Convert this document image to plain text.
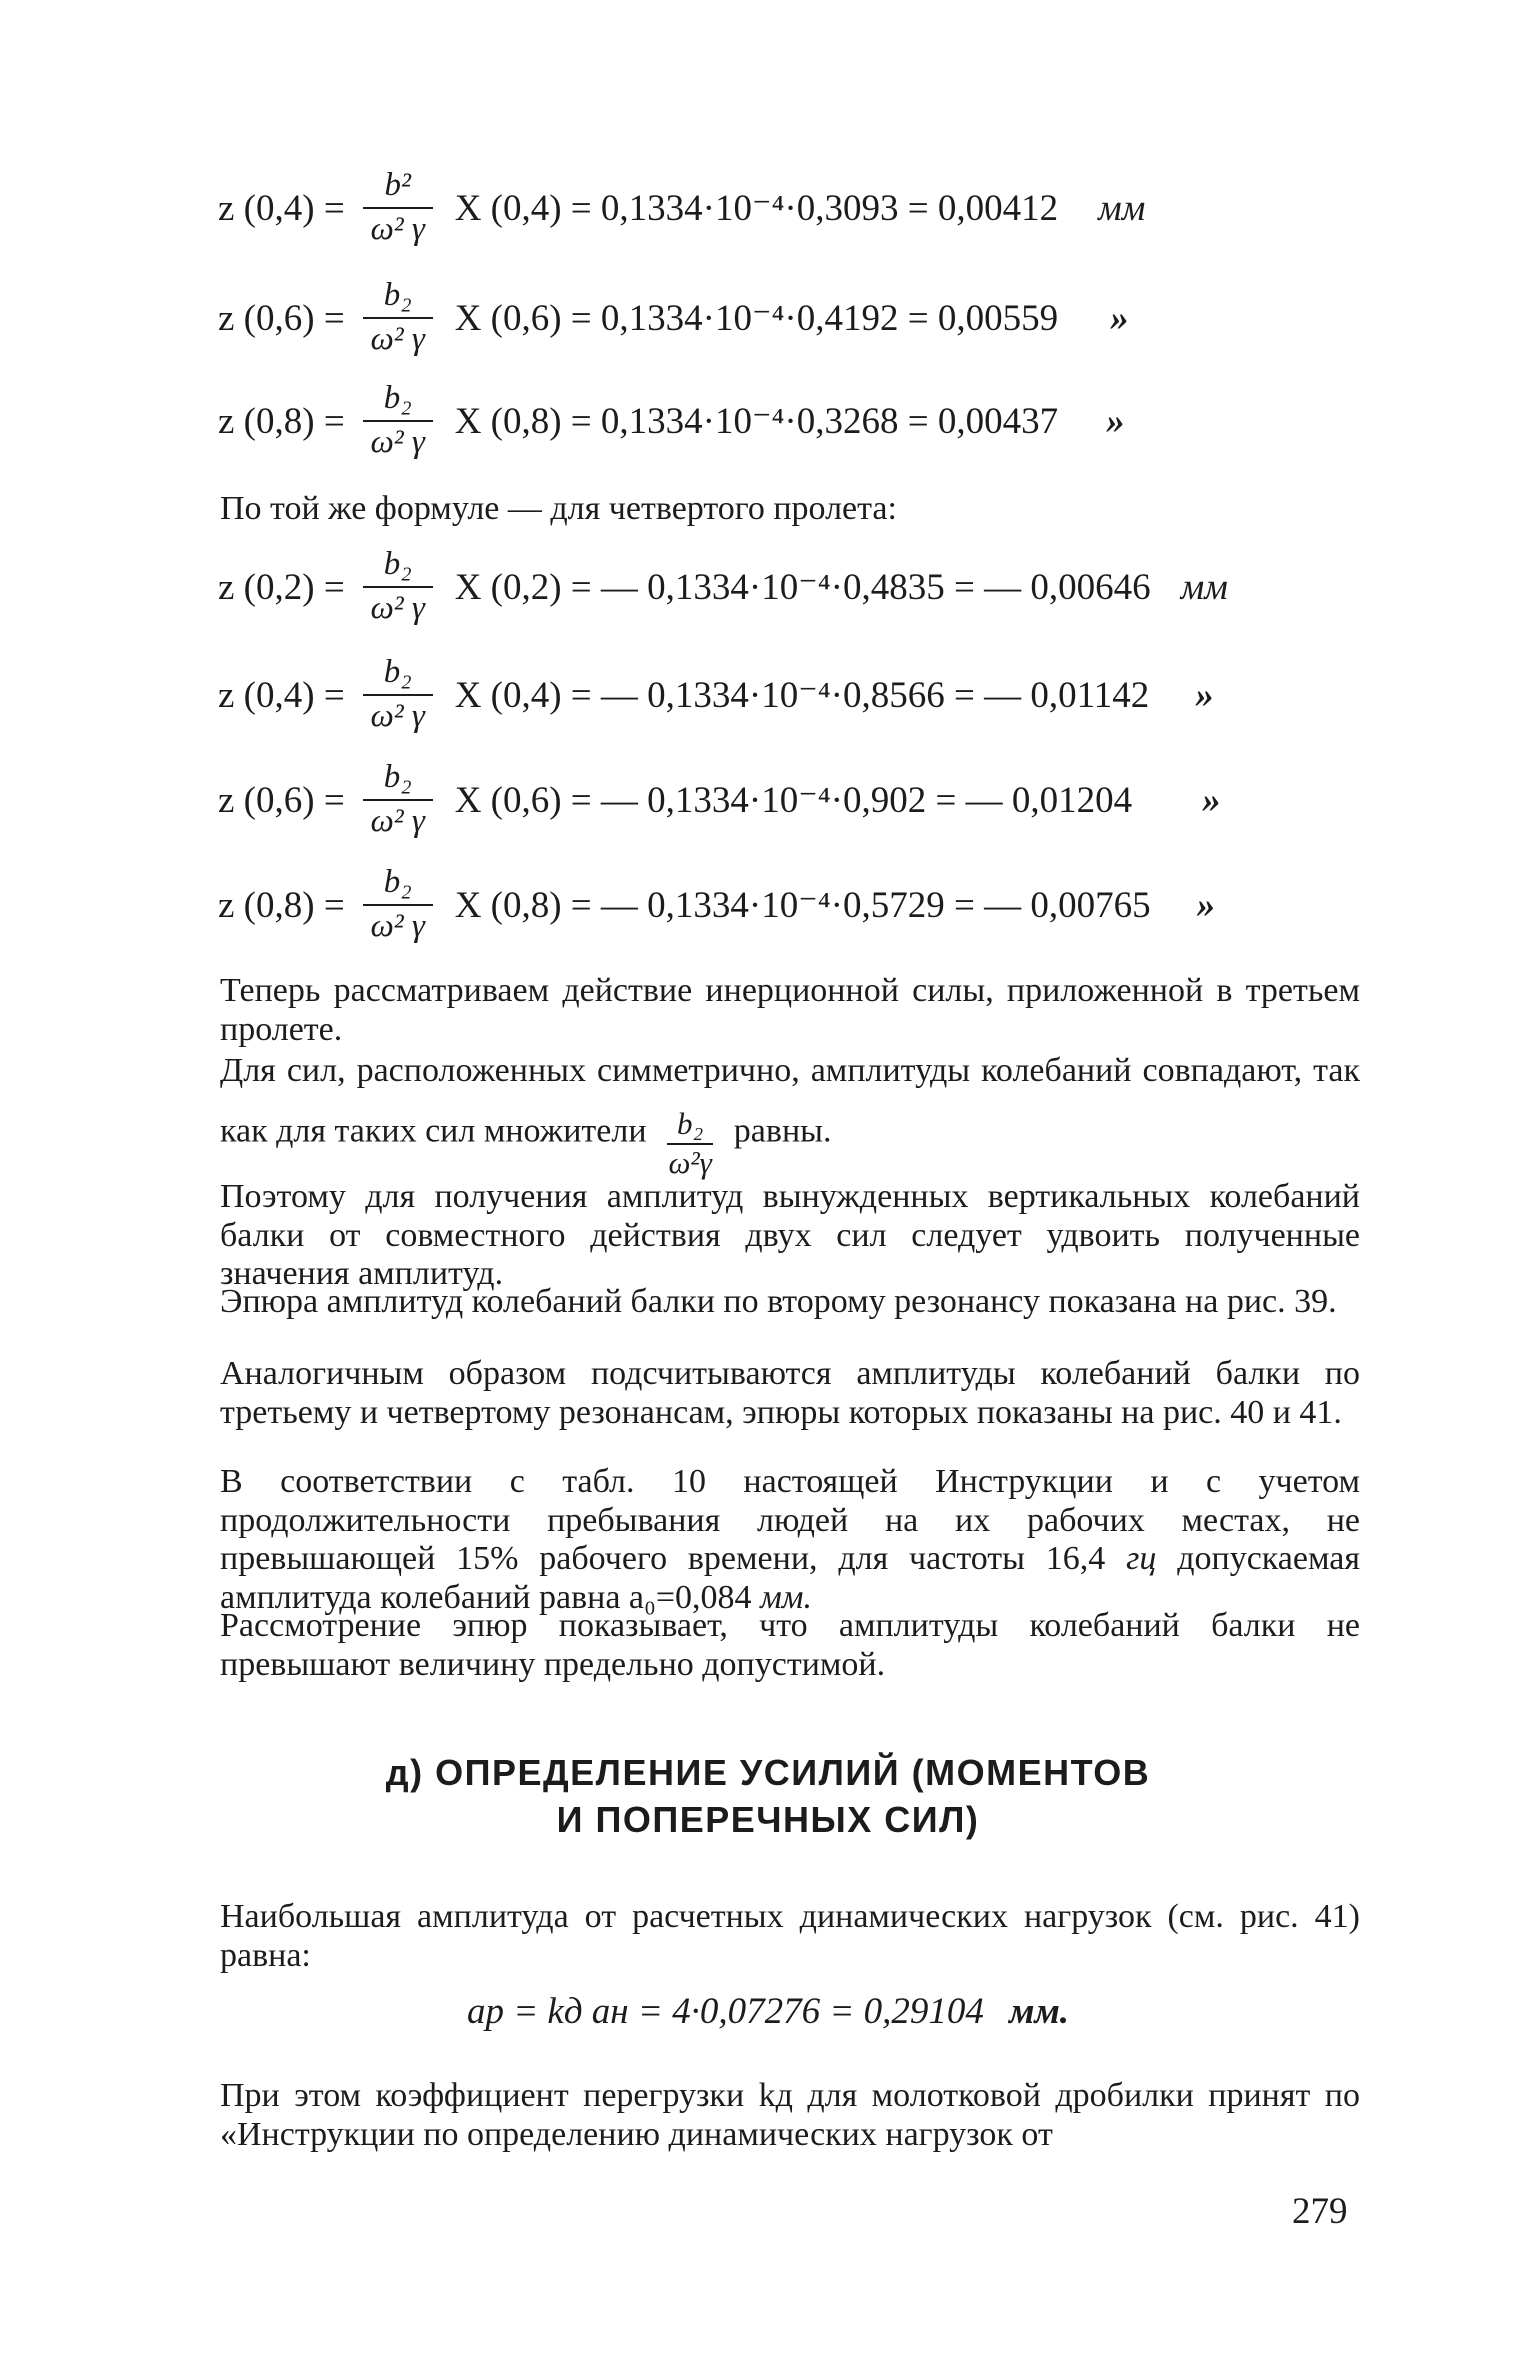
z $(0,4) = \frac{\text{b²}}{\text{ω² γ}}$ X (0,4) = 0,1334·10⁻⁴·0,3093 = 0,00412 мм
z $(0,6) = \frac{\text{b₂}}{\text{ω² γ}}$ X (0,6) = 0,1334·10⁻⁴·0,4192 = 0,00559 »
z $(0,8) = \frac{\text{b₂}}{\text{ω² γ}}$ X (0,8) = 0,1334·10⁻⁴·0,3268 = 0,00437 »
По той же формуле — для четвертого пролета:
z $(0,2) = \frac{\text{b₂}}{\text{ω² γ}}$ X (0,2) = — 0,1334·10⁻⁴·0,4835 = — 0,00646 мм
z $(0,4) = \frac{\text{b₂}}{\text{ω² γ}}$ X (0,4) = — 0,1334·10⁻⁴·0,8566 = — 0,01142 »
z $(0,6) = \frac{\text{b₂}}{\text{ω² γ}}$ X (0,6) = — 0,1334·10⁻⁴·0,902 = — 0,01204 »
z $(0,8) = \frac{\text{b₂}}{\text{ω² γ}}$ X (0,8) = — 0,1334·10⁻⁴·0,5729 = — 0,00765 »
Теперь рассматриваем действие инерционной силы, приложенной в третьем пролете.
Для сил, расположенных симметрично, амплитуды колебаний совпадают, так как для таких сил множители $\frac{\text{b₂}}{\text{ω²γ}}$ равны.
Поэтому для получения амплитуд вынужденных вертикальных колебаний балки от совместного действия двух сил следует удвоить полученные значения амплитуд.
Эпюра амплитуд колебаний балки по второму резонансу показана на рис. 39.
Аналогичным образом подсчитываются амплитуды колебаний балки по третьему и четвертому резонансам, эпюры которых показаны на рис. 40 и 41.
В соответствии с табл. 10 настоящей Инструкции и с учетом продолжительности пребывания людей на их рабочих местах, не превышающей 15% рабочего времени, для частоты 16,4 гц допускаемая амплитуда колебаний равна a₀=0,084 мм.
Рассмотрение эпюр показывает, что амплитуды колебаний балки не превышают величину предельно допустимой.
д) ОПРЕДЕЛЕНИЕ УСИЛИЙ (МОМЕНТОВ
И ПОПЕРЕЧНЫХ СИЛ)
Наибольшая амплитуда от расчетных динамических нагрузок (см. рис. 41) равна:
aр = kд aн = 4·0,07276 = 0,29104 мм.
При этом коэффициент перегрузки kд для молотковой дробилки принят по «Инструкции по определению динамических нагрузок от
279
